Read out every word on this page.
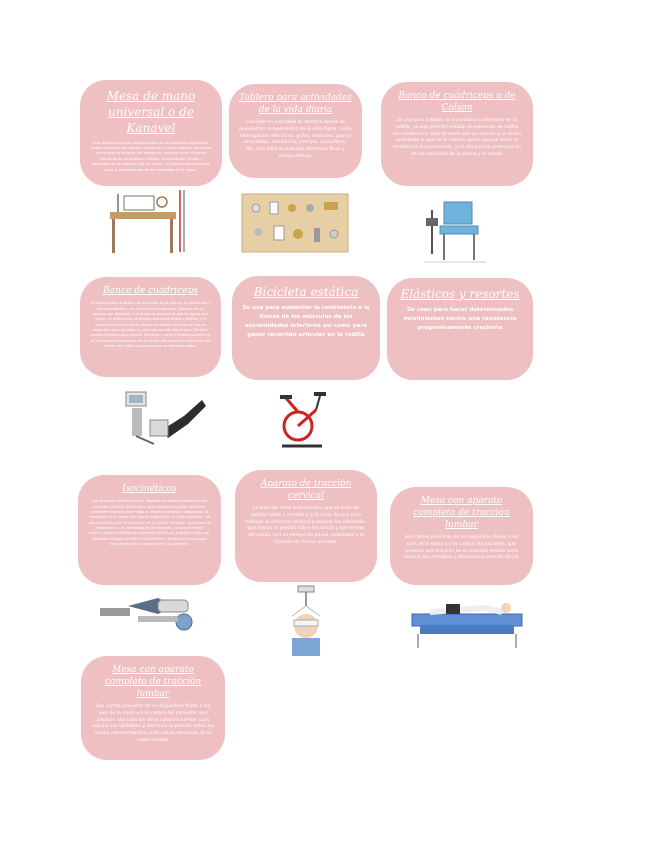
Mesa de mano universal o de Kanavel

Está diseñada para la rehabilitación de los miembros superiores. Posee una mesa de madera, donde por la parte superior tiene una forma para la sujeción del antebrazo, también tiene forma de prensa tanto de muñeca y dedos, manipulación, flexión y extensión de la muñeca y de los dedos; su posición está prevista para la rehabilitación de los miembros de la mano.

Tablero para actividades de la vida diaria

Consiste en una tabla de madera donde se encuentran componentes de la vida diaria, como interruptores eléctricos, grifos, enchufes, pomos de puertas, cerraduras, cerrojos, pulsadores, etc. Con ellos se trabajan destrezas finas y manipulativas.

Banco de cuádriceps o de Colson

Se usa para trabajar la musculatura extensora de la rodilla, ya que permite realizar la extensión de rodilla con resistencia. Está formado por un asiento y un brazo articulado al que se le colocan pesos para graduar la resistencia al movimiento, y es útil para la potenciación de los músculos de la pierna y el muslo.

Banco de cuádriceps

Se emplea para trabajar los músculos de la pierna, el cuádriceps y los isquiotibiales, con resistencia progresiva. Dispone de un asiento con respaldo y un brazo de palanca al que se aplica una carga. La resistencia se gradúa mediante pesas o discos, y el movimiento se realiza de forma controlada para ganar fuerza muscular tras una lesión o una intervención quirúrgica. También puede utilizarse para valorar la fuerza y para el trabajo isométrico en distintas angulaciones de la rodilla, así como para ejercicios de flexión de rodilla con la persona en decúbito prono.

Bicicleta estática

Se usa para aumentar la resistencia a la fuerza de los músculos de las extremidades inferiores así como para ganar recorrido articular en la rodilla

Elásticos y resortes

Se usan para hacer determinados movimientos contra una resistencia progresivamente creciente

Isocinéticos

Los aparatos isocinéticos son dispositivos electromecánicos que permiten realizar ejercicios a una velocidad angular constante predeterminada durante todo el recorrido articular, adaptando la resistencia a la fuerza que aplica el paciente en cada momento. Se utilizan tanto para la valoración de la fuerza muscular como para el tratamiento y la rehabilitación de lesiones, ya que permiten obtener datos objetivos de momento de fuerza, trabajo y potencia. Permiten trabajar de forma concéntrica y excéntrica con mayor seguridad para la articulación y el paciente.

Aparato de tracción cervical

La tracción tiene tratamientos que se trata de sujetar todas a mentón y a la nuca. Se usa para trabajar la columna cervical y separar las vértebras, que alivian la presión sobre los discos y los nervios del cuello, con un tiempo de pausa controlado y la tracción de fuerza variable.

Mesa con aparato completo de tracción lumbar

Son camas provistas de un dispositivo fijado a los pies de la mesa y a la cadera del paciente, que produce una tracción de la columna lumbar para separar las vértebras y disminuir la presión discal.

Mesa con aparato completo de tracción lumbar

Son camas provistas de un dispositivo fijado a los pies de la mesa y a la cadera del paciente, que produce una tracción de la columna lumbar para separar las vértebras y disminuir la presión sobre los discos intervertebrales y las raíces nerviosas de la región lumbar.
